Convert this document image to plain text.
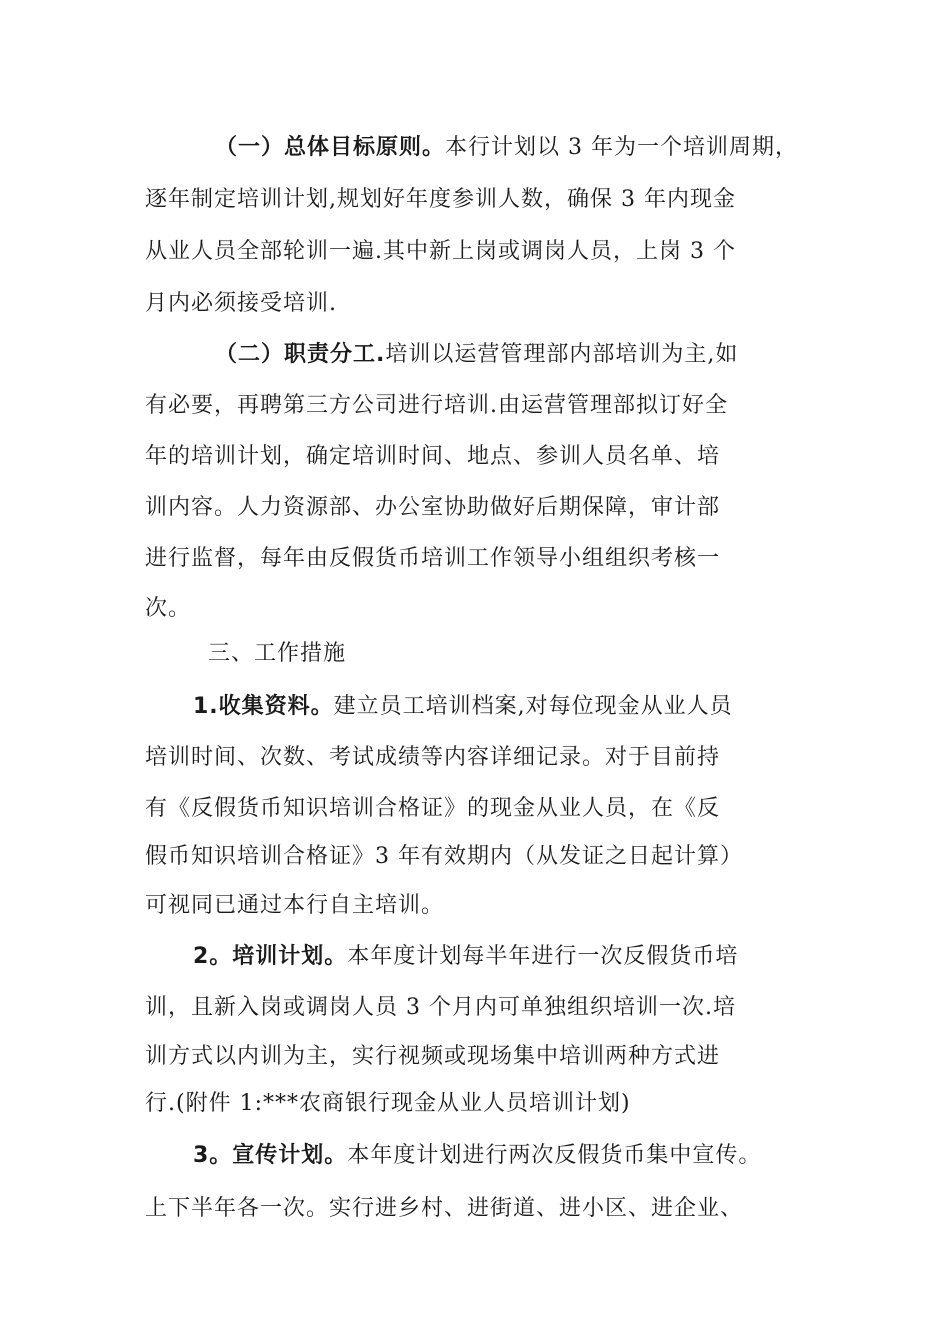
（一）总体目标原则。本行计划以 3 年为一个培训周期，
逐年制定培训计划,规划好年度参训人数，确保 3 年内现金
从业人员全部轮训一遍.其中新上岗或调岗人员，上岗 3 个
月内必须接受培训.
（二）职责分工.培训以运营管理部内部培训为主,如
有必要，再聘第三方公司进行培训.由运营管理部拟订好全
年的培训计划，确定培训时间、地点、参训人员名单、培
训内容。人力资源部、办公室协助做好后期保障，审计部
进行监督，每年由反假货币培训工作领导小组组织考核一
次。
三、工作措施
1.收集资料。建立员工培训档案,对每位现金从业人员
培训时间、次数、考试成绩等内容详细记录。对于目前持
有《反假货币知识培训合格证》的现金从业人员，在《反
假币知识培训合格证》3 年有效期内（从发证之日起计算）
可视同已通过本行自主培训。
2。培训计划。本年度计划每半年进行一次反假货币培
训，且新入岗或调岗人员 3 个月内可单独组织培训一次.培
训方式以内训为主，实行视频或现场集中培训两种方式进
行.(附件 1:***农商银行现金从业人员培训计划)
3。宣传计划。本年度计划进行两次反假货币集中宣传。
上下半年各一次。实行进乡村、进街道、进小区、进企业、
